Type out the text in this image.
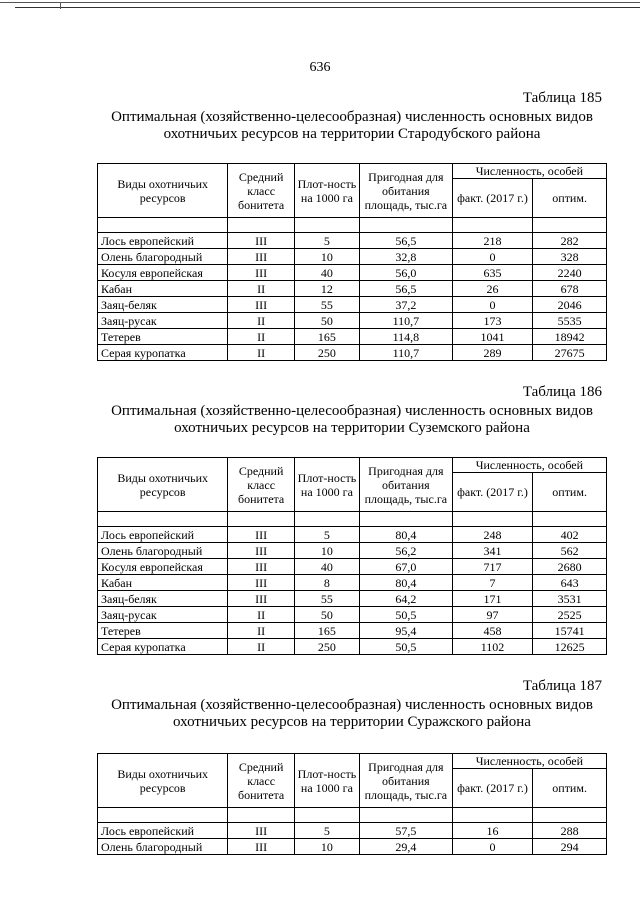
636
Таблица 185
Оптимальная (хозяйственно-целесообразная) численность основных видов
охотничьих ресурсов на территории Стародубского района
Виды охотничьих ресурсов	Средний класс бонитета	Плот-ность на 1000 га	Пригодная для обитания площадь, тыс.га	Численность, особей	
				факт. (2017 г.)	оптим.

Лось европейский	III	5	56,5	218	282
Олень благородный	III	10	32,8	0	328
Косуля европейская	III	40	56,0	635	2240
Кабан	II	12	56,5	26	678
Заяц-беляк	III	55	37,2	0	2046
Заяц-русак	II	50	110,7	173	5535
Тетерев	II	165	114,8	1041	18942
Серая куропатка	II	250	110,7	289	27675
Таблица 186
Оптимальная (хозяйственно-целесообразная) численность основных видов
охотничьих ресурсов на территории Суземского района
Виды охотничьих ресурсов	Средний класс бонитета	Плот-ность на 1000 га	Пригодная для обитания площадь, тыс.га	Численность, особей	
				факт. (2017 г.)	оптим.

Лось европейский	III	5	80,4	248	402
Олень благородный	III	10	56,2	341	562
Косуля европейская	III	40	67,0	717	2680
Кабан	III	8	80,4	7	643
Заяц-беляк	III	55	64,2	171	3531
Заяц-русак	II	50	50,5	97	2525
Тетерев	II	165	95,4	458	15741
Серая куропатка	II	250	50,5	1102	12625
Таблица 187
Оптимальная (хозяйственно-целесообразная) численность основных видов
охотничьих ресурсов на территории Суражского района
Виды охотничьих ресурсов	Средний класс бонитета	Плот-ность на 1000 га	Пригодная для обитания площадь, тыс.га	Численность, особей	
				факт. (2017 г.)	оптим.

Лось европейский	III	5	57,5	16	288
Олень благородный	III	10	29,4	0	294
